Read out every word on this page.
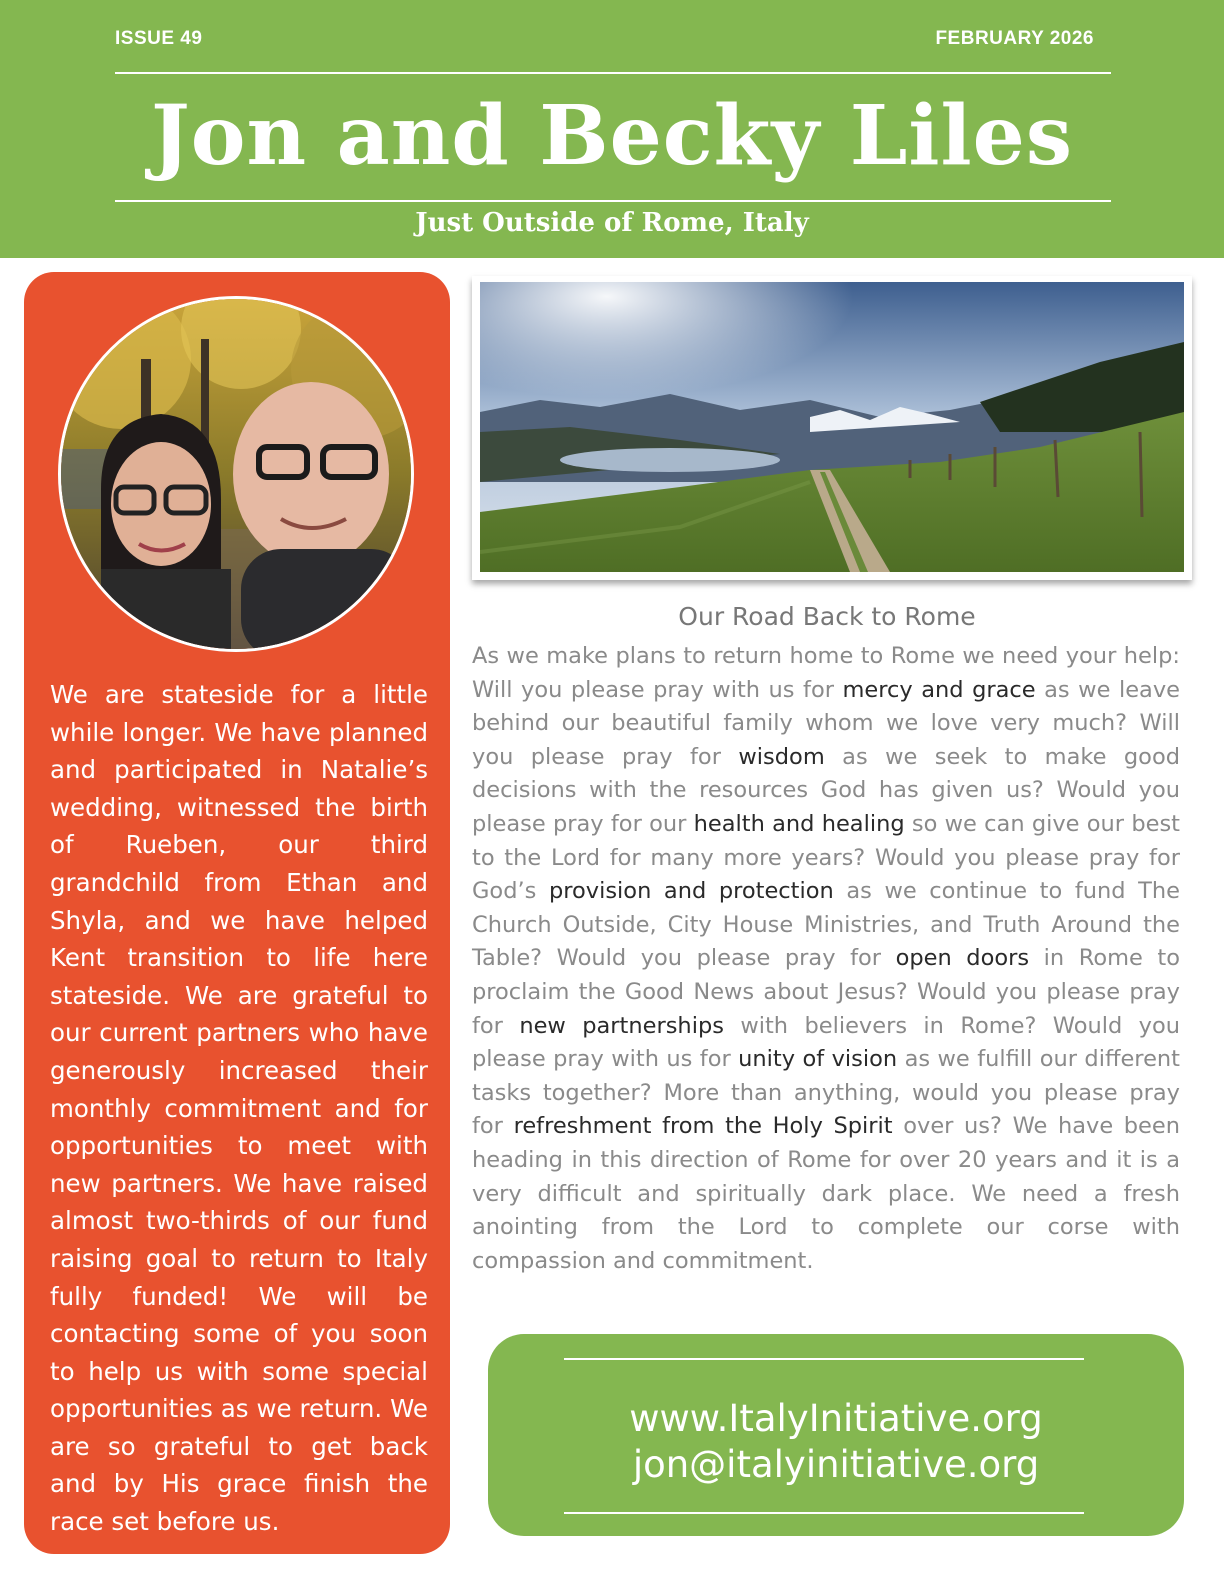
ISSUE 49	FEBRUARY 2026
Jon and Becky Liles
Just Outside of Rome, Italy

We are stateside for a little while longer. We have planned and participated in Natalie’s wedding, witnessed the birth of Rueben, our third grandchild from Ethan and Shyla, and we have helped Kent transition to life here stateside. We are grateful to our current partners who have generously increased their monthly commitment and for opportunities to meet with new partners. We have raised almost two-thirds of our fund raising goal to return to Italy fully funded! We will be contacting some of you soon to help us with some special opportunities as we return. We are so grateful to get back and by His grace finish the race set before us.

Our Road Back to Rome

As we make plans to return home to Rome we need your help: Will you please pray with us for mercy and grace as we leave behind our beautiful family whom we love very much? Will you please pray for wisdom as we seek to make good decisions with the resources God has given us? Would you please pray for our health and healing so we can give our best to the Lord for many more years? Would you please pray for God’s provision and protection as we continue to fund The Church Outside, City House Ministries, and Truth Around the Table? Would you please pray for open doors in Rome to proclaim the Good News about Jesus? Would you please pray for new partnerships with believers in Rome? Would you please pray with us for unity of vision as we fulfill our different tasks together? More than anything, would you please pray for refreshment from the Holy Spirit over us? We have been heading in this direction of Rome for over 20 years and it is a very difficult and spiritually dark place. We need a fresh anointing from the Lord to complete our corse with compassion and commitment.

www.ItalyInitiative.org
jon@italyinitiative.org
